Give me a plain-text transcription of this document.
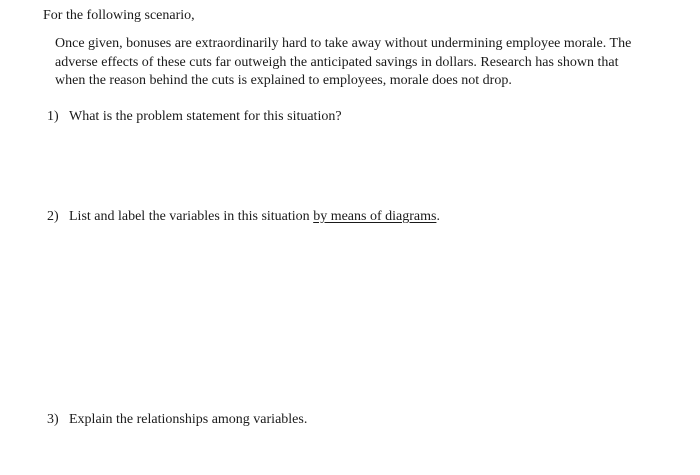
For the following scenario,

Once given, bonuses are extraordinarily hard to take away without undermining employee morale. The
adverse effects of these cuts far outweigh the anticipated savings in dollars. Research has shown that
when the reason behind the cuts is explained to employees, morale does not drop.

1) What is the problem statement for this situation?

2) List and label the variables in this situation by means of diagrams.

3) Explain the relationships among variables.
